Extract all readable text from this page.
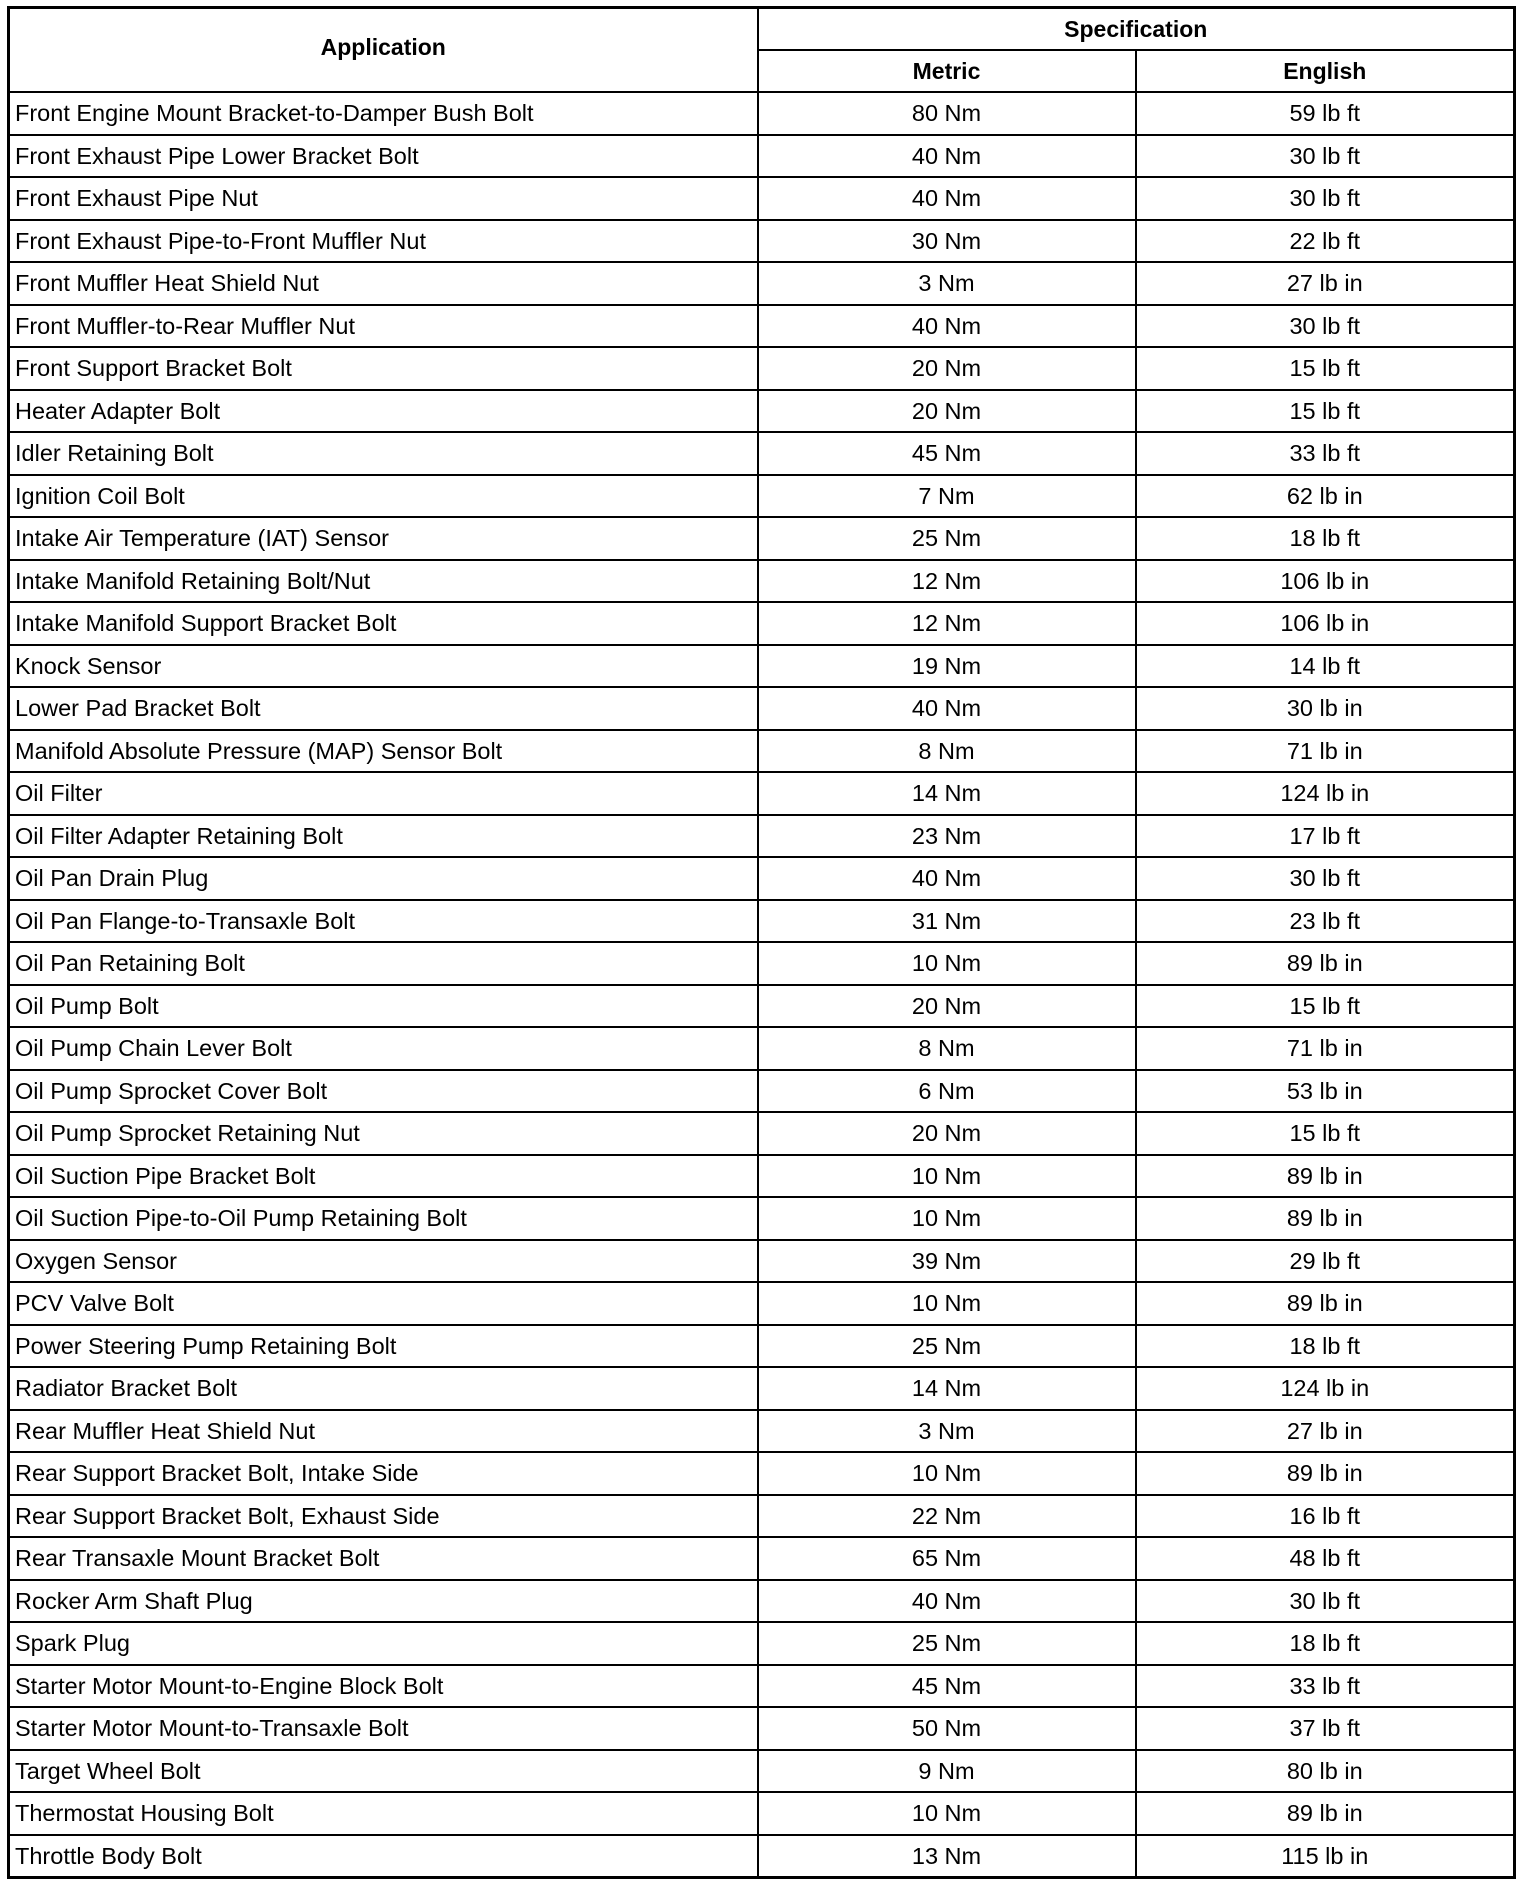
Application	Specification	
	Metric	English
Front Engine Mount Bracket-to-Damper Bush Bolt	80 Nm	59 lb ft
Front Exhaust Pipe Lower Bracket Bolt	40 Nm	30 lb ft
Front Exhaust Pipe Nut	40 Nm	30 lb ft
Front Exhaust Pipe-to-Front Muffler Nut	30 Nm	22 lb ft
Front Muffler Heat Shield Nut	3 Nm	27 lb in
Front Muffler-to-Rear Muffler Nut	40 Nm	30 lb ft
Front Support Bracket Bolt	20 Nm	15 lb ft
Heater Adapter Bolt	20 Nm	15 lb ft
Idler Retaining Bolt	45 Nm	33 lb ft
Ignition Coil Bolt	7 Nm	62 lb in
Intake Air Temperature (IAT) Sensor	25 Nm	18 lb ft
Intake Manifold Retaining Bolt/Nut	12 Nm	106 lb in
Intake Manifold Support Bracket Bolt	12 Nm	106 lb in
Knock Sensor	19 Nm	14 lb ft
Lower Pad Bracket Bolt	40 Nm	30 lb in
Manifold Absolute Pressure (MAP) Sensor Bolt	8 Nm	71 lb in
Oil Filter	14 Nm	124 lb in
Oil Filter Adapter Retaining Bolt	23 Nm	17 lb ft
Oil Pan Drain Plug	40 Nm	30 lb ft
Oil Pan Flange-to-Transaxle Bolt	31 Nm	23 lb ft
Oil Pan Retaining Bolt	10 Nm	89 lb in
Oil Pump Bolt	20 Nm	15 lb ft
Oil Pump Chain Lever Bolt	8 Nm	71 lb in
Oil Pump Sprocket Cover Bolt	6 Nm	53 lb in
Oil Pump Sprocket Retaining Nut	20 Nm	15 lb ft
Oil Suction Pipe Bracket Bolt	10 Nm	89 lb in
Oil Suction Pipe-to-Oil Pump Retaining Bolt	10 Nm	89 lb in
Oxygen Sensor	39 Nm	29 lb ft
PCV Valve Bolt	10 Nm	89 lb in
Power Steering Pump Retaining Bolt	25 Nm	18 lb ft
Radiator Bracket Bolt	14 Nm	124 lb in
Rear Muffler Heat Shield Nut	3 Nm	27 lb in
Rear Support Bracket Bolt, Intake Side	10 Nm	89 lb in
Rear Support Bracket Bolt, Exhaust Side	22 Nm	16 lb ft
Rear Transaxle Mount Bracket Bolt	65 Nm	48 lb ft
Rocker Arm Shaft Plug	40 Nm	30 lb ft
Spark Plug	25 Nm	18 lb ft
Starter Motor Mount-to-Engine Block Bolt	45 Nm	33 lb ft
Starter Motor Mount-to-Transaxle Bolt	50 Nm	37 lb ft
Target Wheel Bolt	9 Nm	80 lb in
Thermostat Housing Bolt	10 Nm	89 lb in
Throttle Body Bolt	13 Nm	115 lb in
